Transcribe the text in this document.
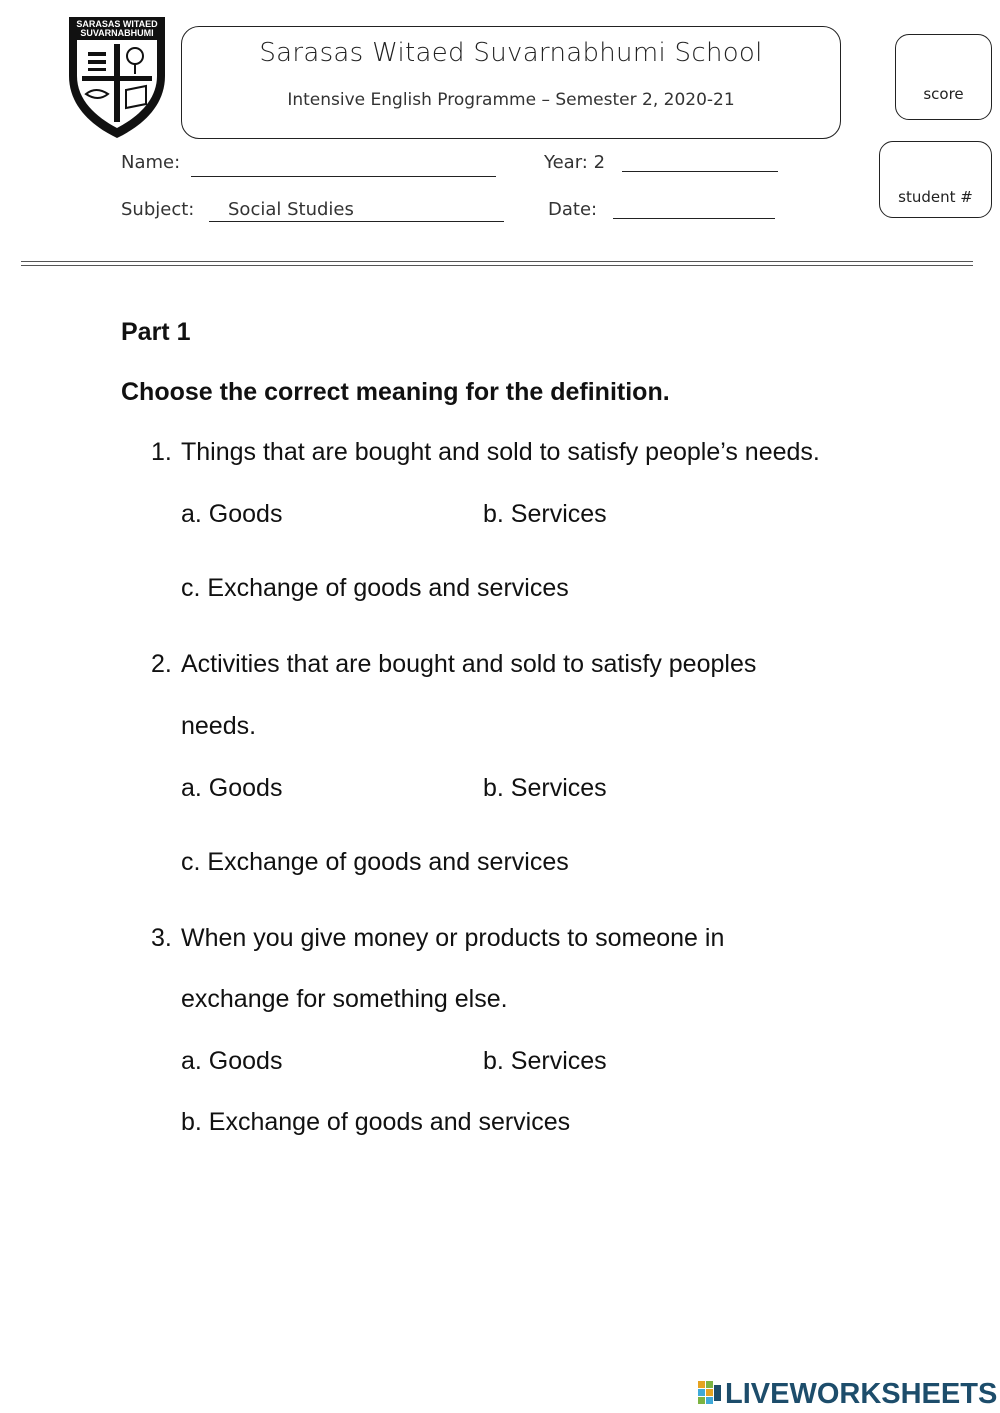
SARASAS WITAED
SUVARNABHUMI
Sarasas Witaed Suvarnabhumi School
Intensive English Programme – Semester 2, 2020-21	score
student #
Name:	Year: 2
Subject: Social Studies	Date:
Part 1
Choose the correct meaning for the definition.
1. Things that are bought and sold to satisfy people’s needs.
a. Goods	b. Services
c. Exchange of goods and services
2. Activities that are bought and sold to satisfy peoples
needs.
a. Goods	b. Services
c. Exchange of goods and services
3. When you give money or products to someone in
exchange for something else.
a. Goods	b. Services
b. Exchange of goods and services
LIVEWORKSHEETS
